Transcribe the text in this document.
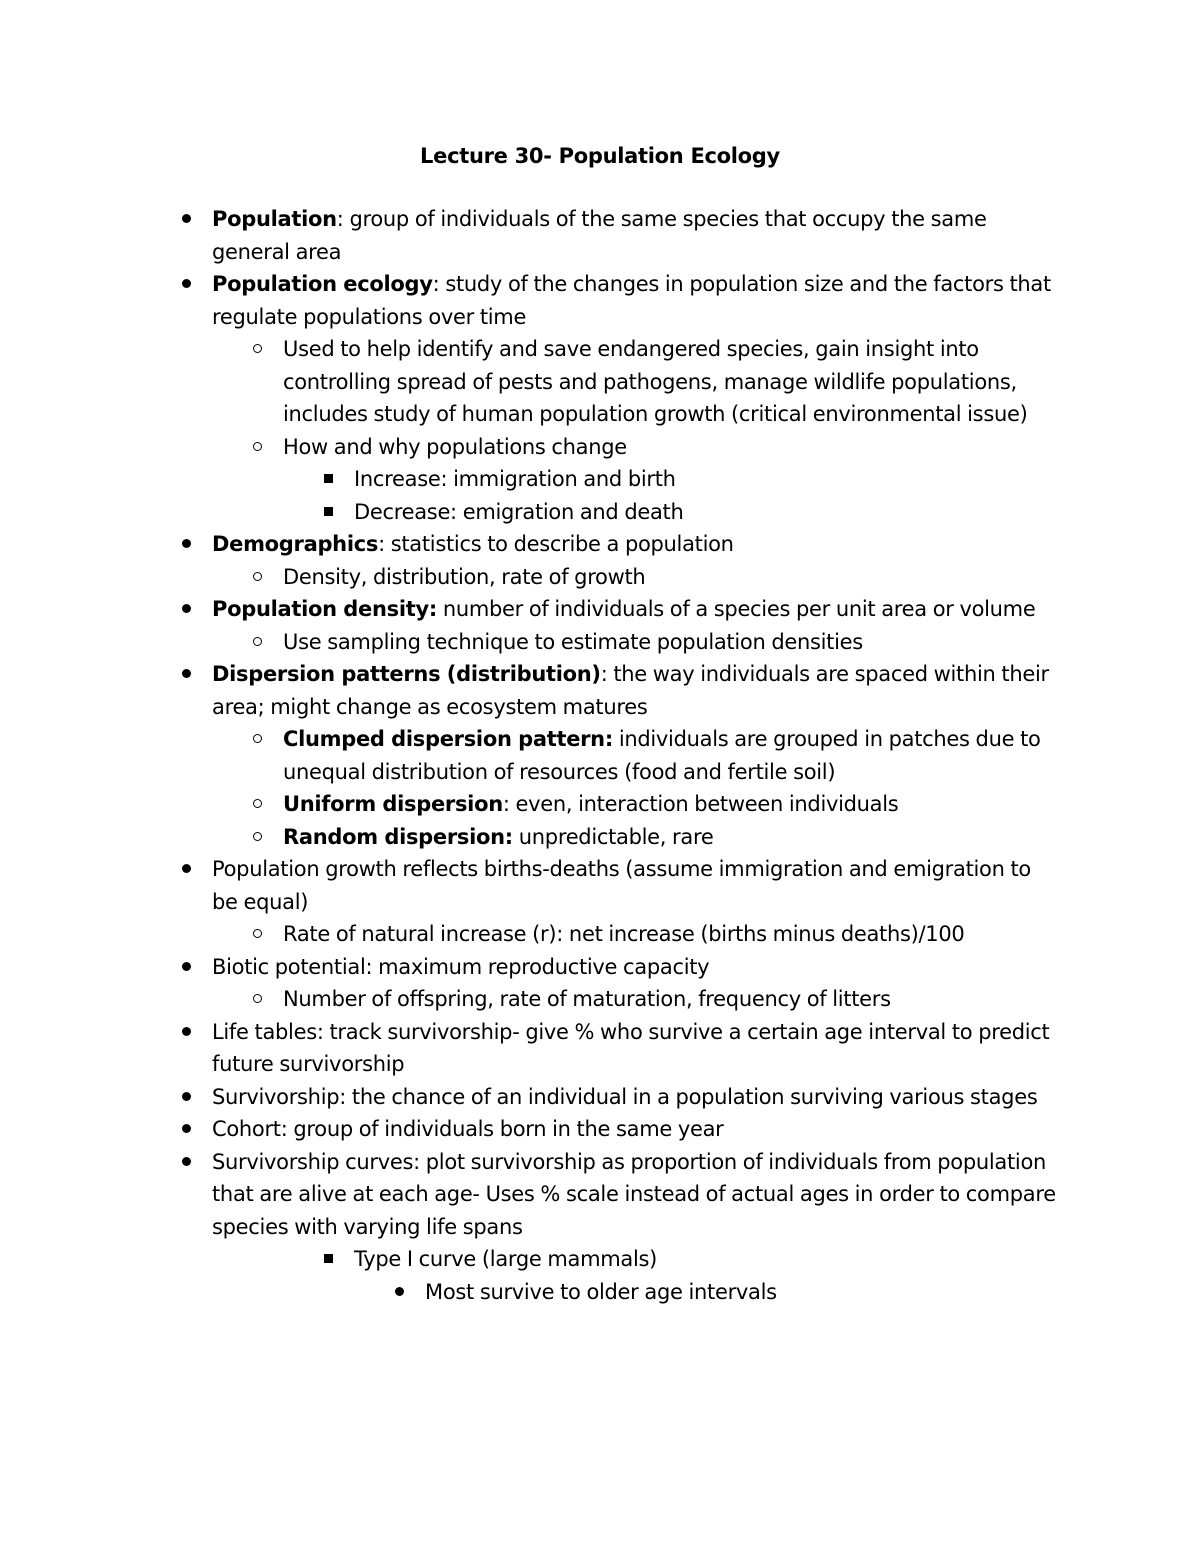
Lecture 30- Population Ecology
Population: group of individuals of the same species that occupy the same general area
Population ecology: study of the changes in population size and the factors that regulate populations over time
Used to help identify and save endangered species, gain insight into controlling spread of pests and pathogens, manage wildlife populations, includes study of human population growth (critical environmental issue)
How and why populations change
Increase: immigration and birth
Decrease: emigration and death
Demographics: statistics to describe a population
Density, distribution, rate of growth
Population density: number of individuals of a species per unit area or volume
Use sampling technique to estimate population densities
Dispersion patterns (distribution): the way individuals are spaced within their area; might change as ecosystem matures
Clumped dispersion pattern: individuals are grouped in patches due to unequal distribution of resources (food and fertile soil)
Uniform dispersion: even, interaction between individuals
Random dispersion: unpredictable, rare
Population growth reflects births-deaths (assume immigration and emigration to be equal)
Rate of natural increase (r): net increase (births minus deaths)/100
Biotic potential: maximum reproductive capacity
Number of offspring, rate of maturation, frequency of litters
Life tables: track survivorship- give % who survive a certain age interval to predict future survivorship
Survivorship: the chance of an individual in a population surviving various stages
Cohort: group of individuals born in the same year
Survivorship curves: plot survivorship as proportion of individuals from population that are alive at each age- Uses % scale instead of actual ages in order to compare species with varying life spans
Type I curve (large mammals)
Most survive to older age intervals
